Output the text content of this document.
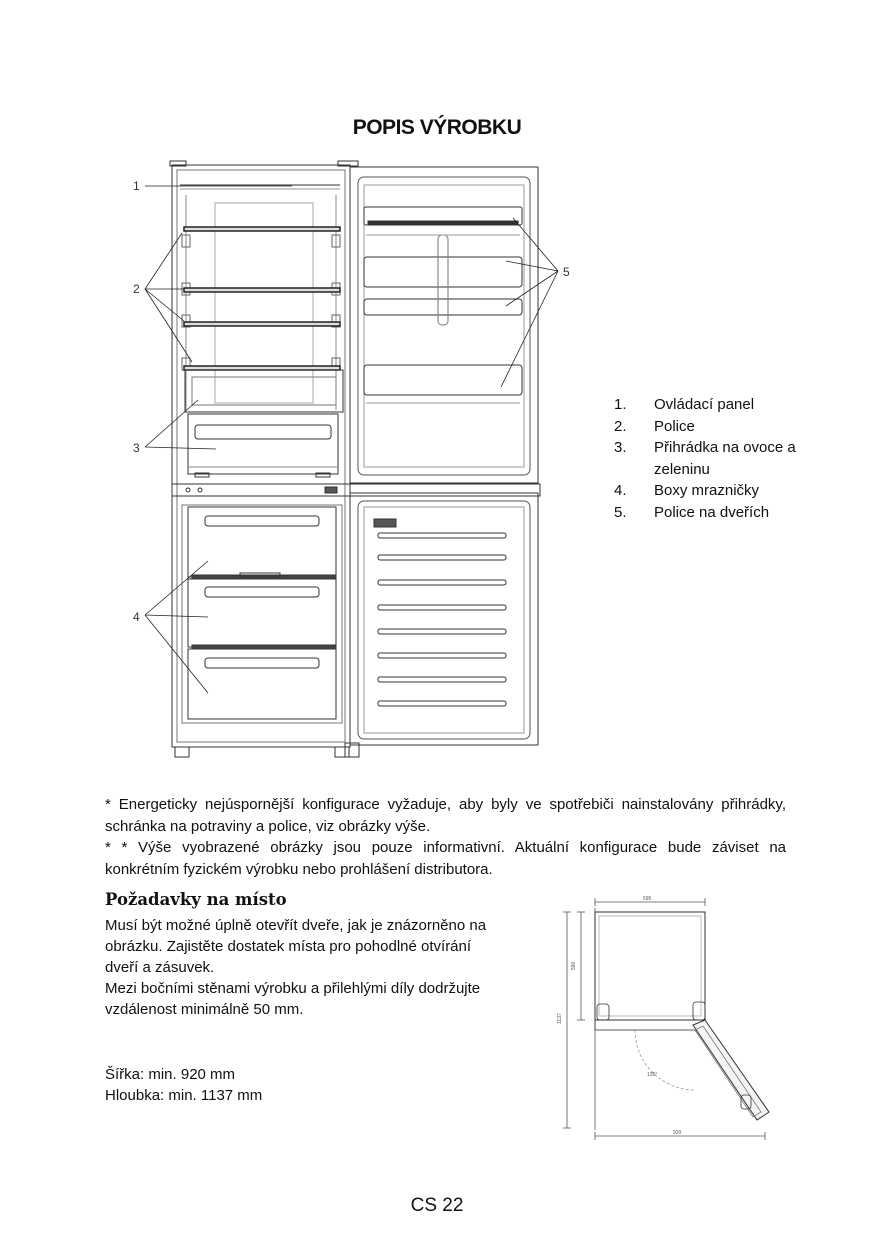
POPIS VÝROBKU
1
2
3
4
5
1.	Ovládací panel
2.	Police
3.	Přihrádka na ovoce a zeleninu
4.	Boxy mrazničky
5.	Police na dveřích

* Energeticky nejúspornější konfigurace vyžaduje, aby byly ve spotřebiči nainstalovány přihrádky, schránka na potraviny a police, viz obrázky výše.

* * Výše vyobrazené obrázky jsou pouze informativní. Aktuální konfigurace bude záviset na konkrétním fyzickém výrobku nebo prohlášení distributora.

Požadavky na místo

Musí být možné úplně otevřít dveře, jak je znázorněno na obrázku. Zajistěte dostatek místa pro pohodlné otvírání dveří a zásuvek.

Mezi bočními stěnami výrobku a přilehlými díly dodržujte vzdálenost minimálně 50 mm.

Šířka: min. 920 mm

Hloubka: min. 1137 mm

595
590
1137
920
135°
CS 22
